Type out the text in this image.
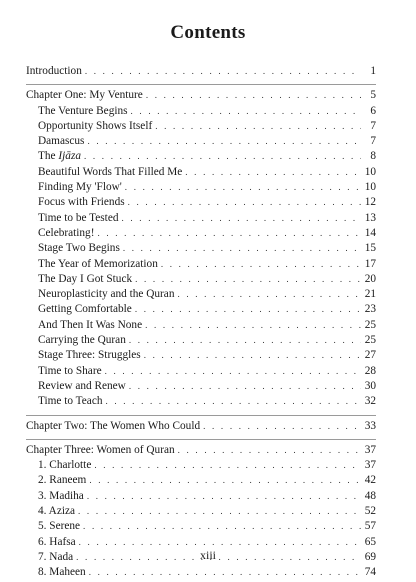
Contents
Introduction . . .	1
Chapter One: My Venture . . .	5
The Venture Begins . . .	6
Opportunity Shows Itself . . .	7
Damascus . . .	7
The Ijāza . . .	8
Beautiful Words That Filled Me . . .	10
Finding My 'Flow' . . .	10
Focus with Friends . . .	12
Time to be Tested . . .	13
Celebrating! . . .	14
Stage Two Begins . . .	15
The Year of Memorization . . .	17
The Day I Got Stuck . . .	20
Neuroplasticity and the Quran . . .	21
Getting Comfortable . . .	23
And Then It Was None . . .	25
Carrying the Quran . . .	25
Stage Three: Struggles . . .	27
Time to Share . . .	28
Review and Renew . . .	30
Time to Teach . . .	32
Chapter Two: The Women Who Could . . .	33
Chapter Three: Women of Quran . . .	37
1. Charlotte . . .	37
2. Raneem . . .	42
3. Madiha . . .	48
4. Aziza . . .	52
5. Serene . . .	57
6. Hafsa . . .	65
7. Nada . . .	69
8. Maheen . . .	74
xiii
